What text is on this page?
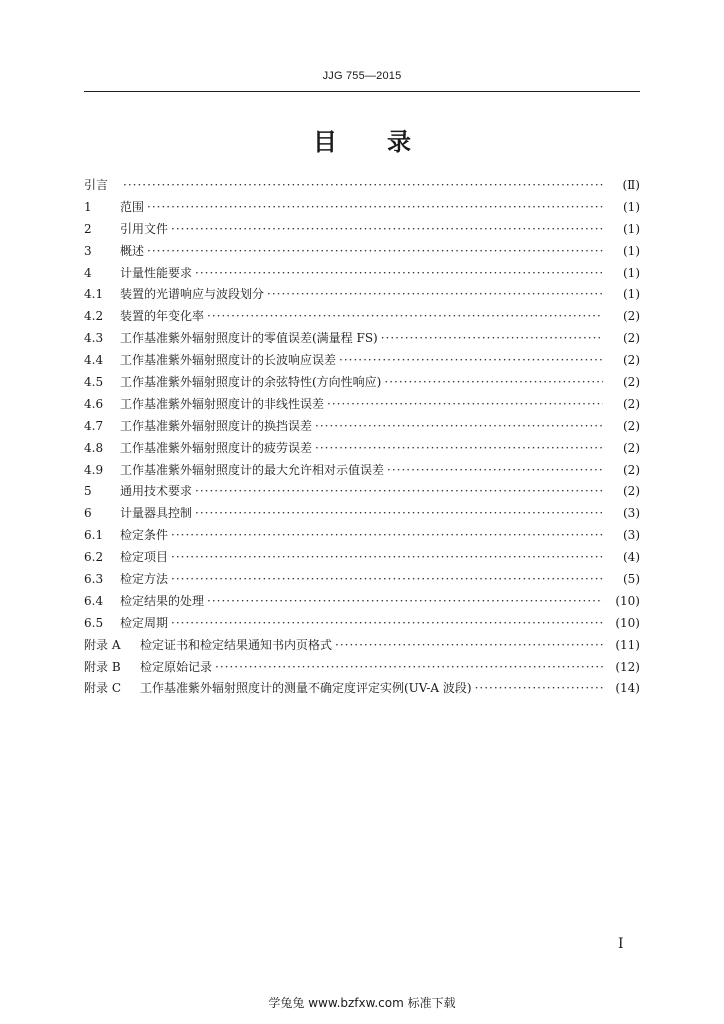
JJG 755—2015
目录
引言 ·····	(Ⅱ)
1	范围 ·····	(1)
2	引用文件 ·····	(1)
3	概述 ·····	(1)
4	计量性能要求 ·····	(1)
4.1	装置的光谱响应与波段划分 ·····	(1)
4.2	装置的年变化率 ·····	(2)
4.3	工作基准紫外辐射照度计的零值误差(满量程 FS) ·····	(2)
4.4	工作基准紫外辐射照度计的长波响应误差 ·····	(2)
4.5	工作基准紫外辐射照度计的余弦特性(方向性响应) ·····	(2)
4.6	工作基准紫外辐射照度计的非线性误差 ·····	(2)
4.7	工作基准紫外辐射照度计的换挡误差 ·····	(2)
4.8	工作基准紫外辐射照度计的疲劳误差 ·····	(2)
4.9	工作基准紫外辐射照度计的最大允许相对示值误差 ·····	(2)
5	通用技术要求 ·····	(2)
6	计量器具控制 ·····	(3)
6.1	检定条件 ·····	(3)
6.2	检定项目 ·····	(4)
6.3	检定方法 ·····	(5)
6.4	检定结果的处理 ·····	(10)
6.5	检定周期 ·····	(10)
附录 A	检定证书和检定结果通知书内页格式 ·····	(11)
附录 B	检定原始记录 ·····	(12)
附录 C	工作基准紫外辐射照度计的测量不确定度评定实例(UV-A 波段) ·····	(14)
I
学兔兔 www.bzfxw.com 标准下载
